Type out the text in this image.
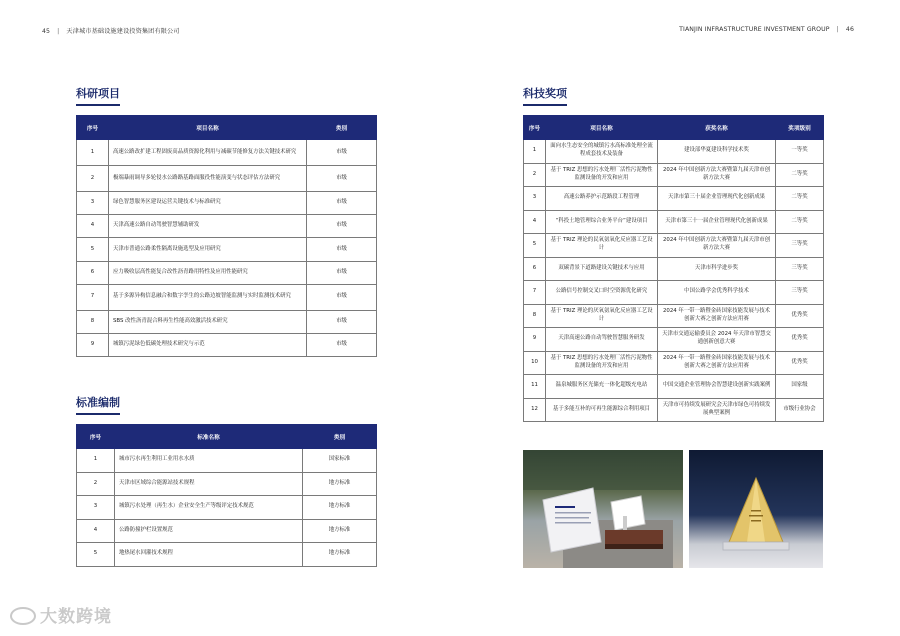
45 | 天津城市基础设施建设投资集团有限公司	TIANJIN INFRASTRUCTURE INVESTMENT GROUP | 46
科研项目
序号	项目名称	类别
1	高速公路改扩建工程固废高品质资源化利用与减碳节能修复方法关键技术研究	市级
2	极端暴雨调导多轮侵水公路路基路面服役性能演变与状态评估方法研究	市级
3	绿色智慧服务区建设运营关键技术与标准研究	市级
4	天津高速公路自动驾驶智慧辅助研发	市级
5	天津市普通公路柔性隔离设施选型及应用研究	市级
6	应力吸收层高性能复合改性沥青路用特性及应用性能研究	市级
7	基于多源异构信息融合和数字孪生的公路边坡智能监测与实时监测技术研究	市级
8	SBS 改性沥青混合料再生性能高效激活技术研究	市级
9	城镇污泥绿色低碳处理技术研究与示范	市级
标准编制
序号	标准名称	类别
1	城市污水再生利用工业用水水质	国家标准
2	天津市区域综合能源站技术规程	地方标准
3	城镇污水处理（再生水）企业安全生产等级评定技术规范	地方标准
4	公路防撞护栏设置规范	地方标准
5	地热尾水回灌技术规程	地方标准
科技奖项
序号	项目名称	获奖名称	奖项级别
1	面向水生态安全的城镇污水高标准处理全流程成套技术及装备	建设部华夏建设科学技术奖	一等奖
2	基于 TRIZ 思想的污水处理厂活性污泥物性监测设备的开发和应用	2024 年中国创新方法大赛暨第九届天津市创新方法大赛	二等奖
3	高速公路养护示范路段工程管理	天津市第三十届企业管理现代化创新成果	二等奖
4	“科投土地管理综合业务平台”建设项目	天津市第三十一届企业管理现代化创新成果	二等奖
5	基于 TRIZ 理论的民氧氨氧化反应器工艺设计	2024 年中国创新方法大赛暨第九届天津市创新方法大赛	三等奖
6	双碳背景下道路建设关键技术与应用	天津市科学进步奖	三等奖
7	公路信号控制交叉口时空资源优化研究	中国公路学会优秀科学技术	三等奖
8	基于 TRIZ 理论的厌氧氨氧化反应器工艺设计	2024 年一带一路暨金砖国家技能发展与技术创新大赛之创新方法应用赛	优秀奖
9	天津高速公路自动驾驶智慧服务研发	天津市交通运输委员会 2024 年天津市智慧交通创新创意大赛	优秀奖
10	基于 TRIZ 思想的污水处理厂活性污泥物性监测设备的开发和应用	2024 年一带一路暨金砖国家技能发展与技术创新大赛之创新方法应用赛	优秀奖
11	温泉城服务区光储充一体化超级充电站	中国交通企业管理协会智慧建设创新实践案例	国家级
12	基于多能互补的可再生能源综合利用项目	天津市可持续发展研究会天津市绿色可持续发展典型案例	市级行业协会
大数跨境
